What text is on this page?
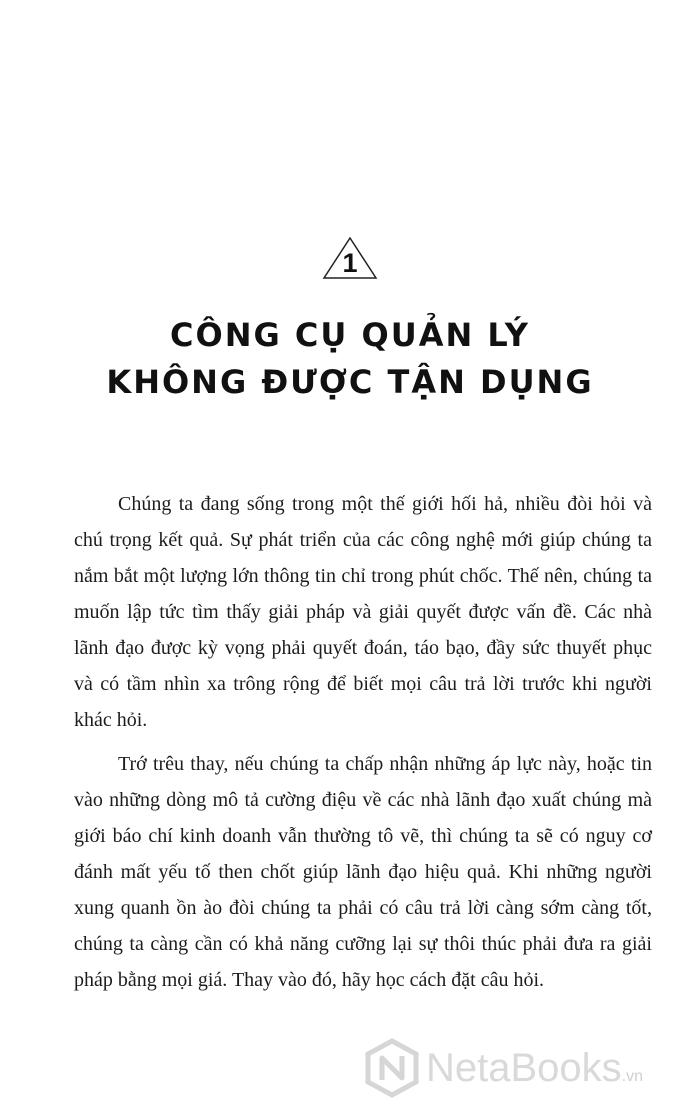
1
CÔNG CỤ QUẢN LÝ
KHÔNG ĐƯỢC TẬN DỤNG

Chúng ta đang sống trong một thế giới hối hả, nhiều đòi hỏi và chú trọng kết quả. Sự phát triển của các công nghệ mới giúp chúng ta nắm bắt một lượng lớn thông tin chỉ trong phút chốc. Thế nên, chúng ta muốn lập tức tìm thấy giải pháp và giải quyết được vấn đề. Các nhà lãnh đạo được kỳ vọng phải quyết đoán, táo bạo, đầy sức thuyết phục và có tầm nhìn xa trông rộng để biết mọi câu trả lời trước khi người khác hỏi.

Trớ trêu thay, nếu chúng ta chấp nhận những áp lực này, hoặc tin vào những dòng mô tả cường điệu về các nhà lãnh đạo xuất chúng mà giới báo chí kinh doanh vẫn thường tô vẽ, thì chúng ta sẽ có nguy cơ đánh mất yếu tố then chốt giúp lãnh đạo hiệu quả. Khi những người xung quanh ồn ào đòi chúng ta phải có câu trả lời càng sớm càng tốt, chúng ta càng cần có khả năng cưỡng lại sự thôi thúc phải đưa ra giải pháp bằng mọi giá. Thay vào đó, hãy học cách đặt câu hỏi.

NetaBooks.vn
